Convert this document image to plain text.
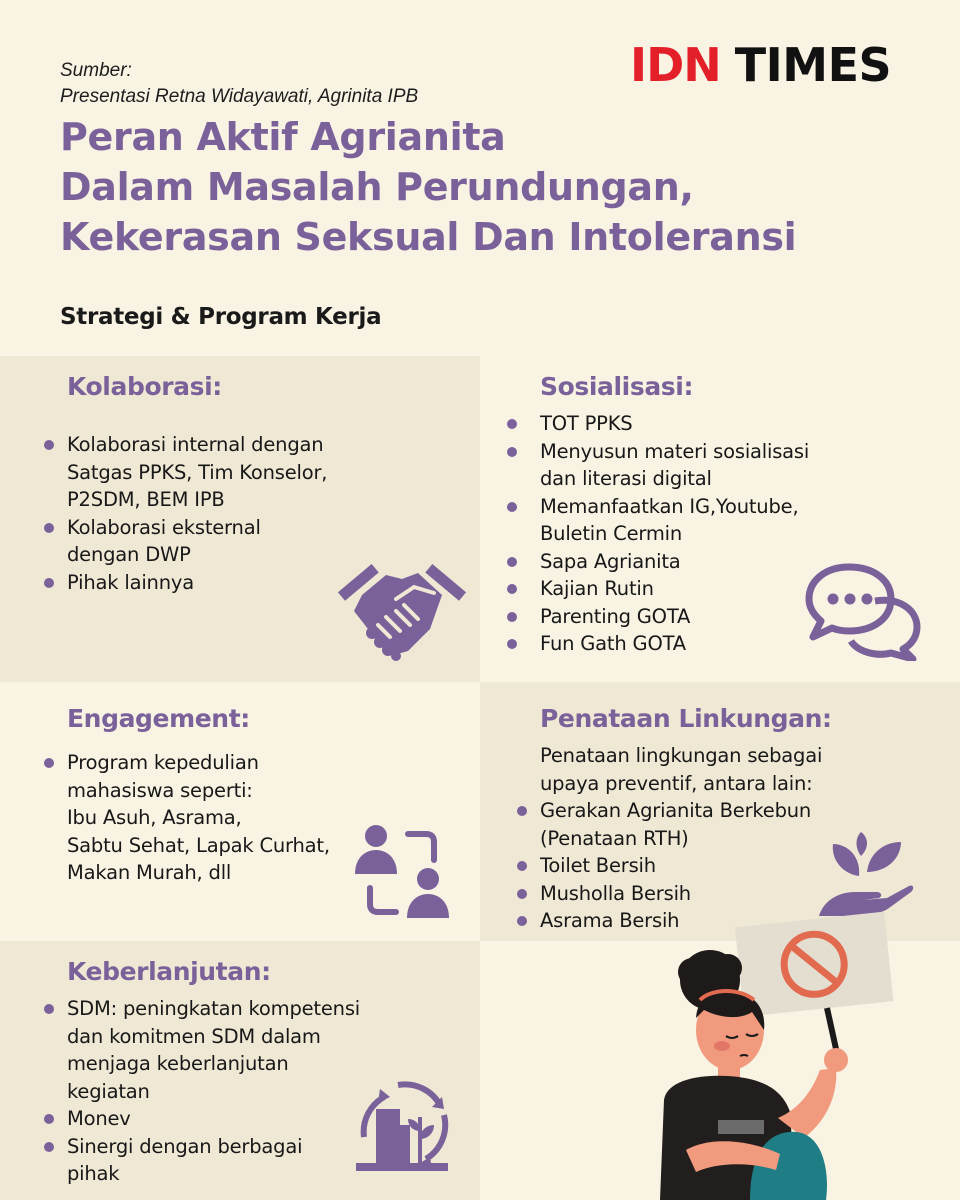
Sumber:
Presentasi Retna Widayawati, Agrinita IPB
IDN TIMES
Peran Aktif Agrianita
Dalam Masalah Perundungan,
Kekerasan Seksual Dan Intoleransi
Strategi & Program Kerja
Kolaborasi:
Kolaborasi internal dengan
Satgas PPKS, Tim Konselor,
P2SDM, BEM IPB
Kolaborasi eksternal
dengan DWP
Pihak lainnya
Sosialisasi:
TOT PPKS
Menyusun materi sosialisasi
dan literasi digital
Memanfaatkan IG,Youtube,
Buletin Cermin
Sapa Agrianita
Kajian Rutin
Parenting GOTA
Fun Gath GOTA
Engagement:
Program kepedulian
mahasiswa seperti:
Ibu Asuh, Asrama,
Sabtu Sehat, Lapak Curhat,
Makan Murah, dll
Penataan Linkungan:

Penataan lingkungan sebagai
upaya preventif, antara lain:

Gerakan Agrianita Berkebun
(Penataan RTH)
Toilet Bersih
Musholla Bersih
Asrama Bersih
Keberlanjutan:
SDM: peningkatan kompetensi
dan komitmen SDM dalam
menjaga keberlanjutan
kegiatan
Monev
Sinergi dengan berbagai
pihak
